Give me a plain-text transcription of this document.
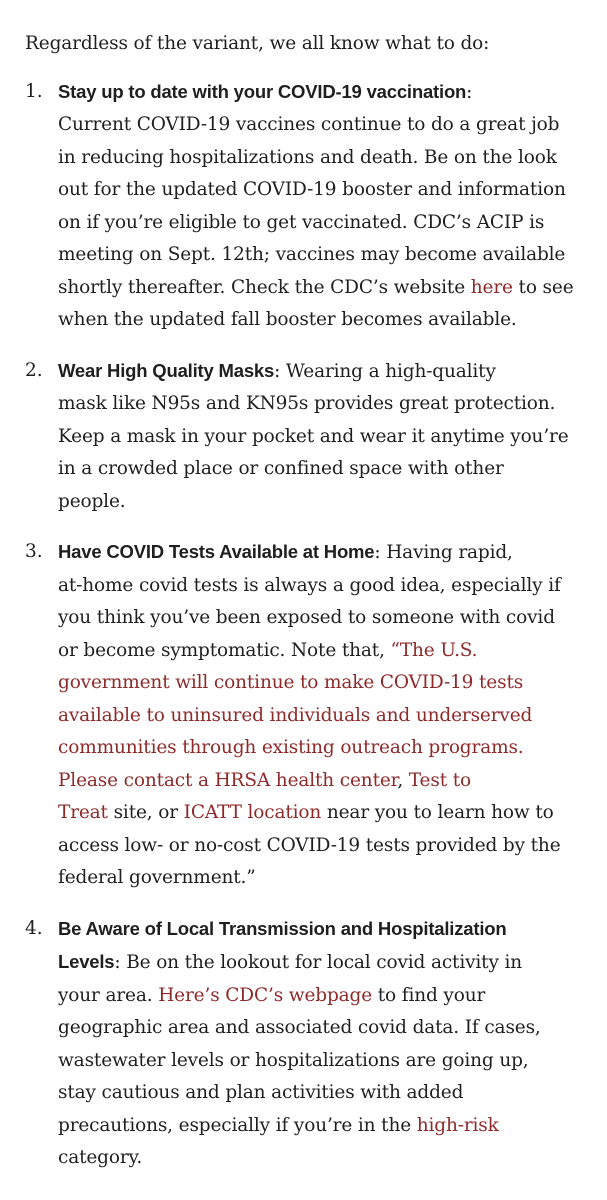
Regardless of the variant, we all know what to do:

1. Stay up to date with your COVID-19 vaccination:
Current COVID-19 vaccines continue to do a great job
in reducing hospitalizations and death. Be on the look
out for the updated COVID-19 booster and information
on if you’re eligible to get vaccinated. CDC’s ACIP is
meeting on Sept. 12th; vaccines may become available
shortly thereafter. Check the CDC’s website here to see
when the updated fall booster becomes available.
2. Wear High Quality Masks: Wearing a high-quality
mask like N95s and KN95s provides great protection.
Keep a mask in your pocket and wear it anytime you’re
in a crowded place or confined space with other
people.
3. Have COVID Tests Available at Home: Having rapid,
at-home covid tests is always a good idea, especially if
you think you’ve been exposed to someone with covid
or become symptomatic. Note that, “The U.S.
government will continue to make COVID-19 tests
available to uninsured individuals and underserved
communities through existing outreach programs.
Please contact a HRSA health center, Test to
Treat site, or ICATT location near you to learn how to
access low- or no-cost COVID-19 tests provided by the
federal government.”
4. Be Aware of Local Transmission and Hospitalization
Levels: Be on the lookout for local covid activity in
your area. Here’s CDC’s webpage to find your
geographic area and associated covid data. If cases,
wastewater levels or hospitalizations are going up,
stay cautious and plan activities with added
precautions, especially if you’re in the high-risk
category.
